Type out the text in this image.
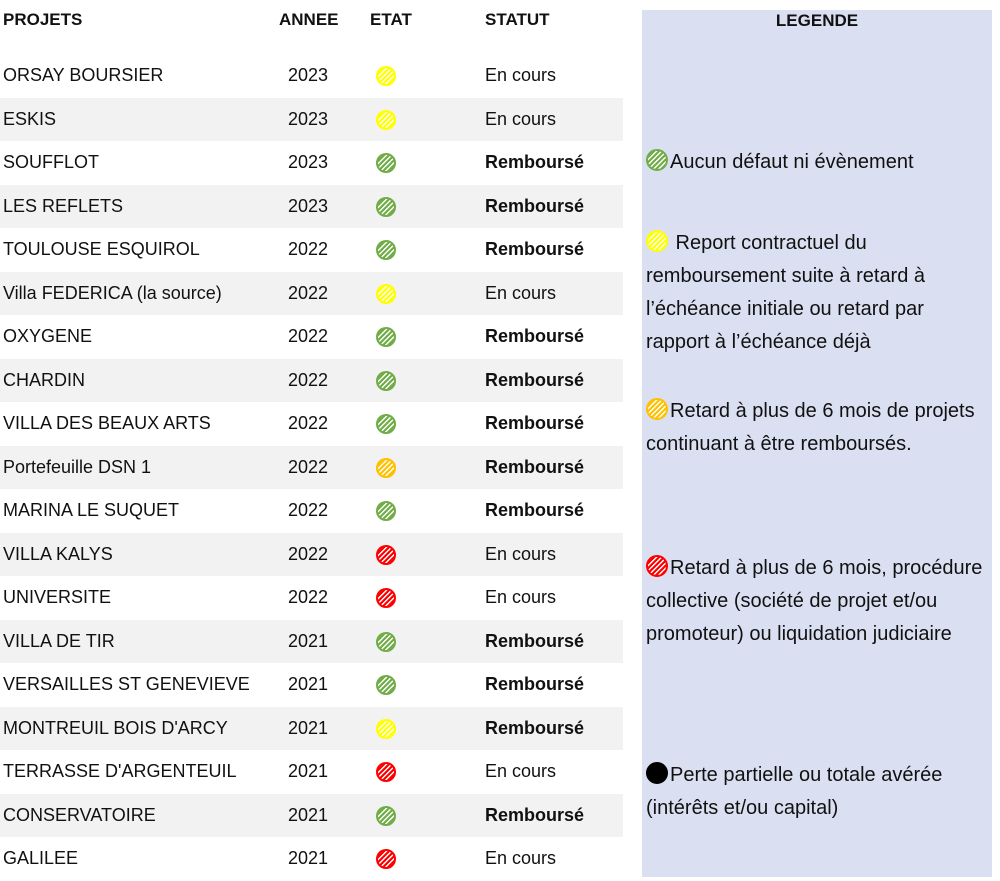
PROJETS	ANNEE ETAT	STATUT
ORSAY BOURSIER	2023	En cours
ESKIS	2023	En cours
SOUFFLOT	2023	Remboursé
LES REFLETS	2023	Remboursé
TOULOUSE ESQUIROL	2022	Remboursé
Villa FEDERICA (la source)	2022	En cours
OXYGENE	2022	Remboursé
CHARDIN	2022	Remboursé
VILLA DES BEAUX ARTS	2022	Remboursé
Portefeuille DSN 1	2022	Remboursé
MARINA LE SUQUET	2022	Remboursé
VILLA KALYS	2022	En cours
UNIVERSITE	2022	En cours
VILLA DE TIR	2021	Remboursé
VERSAILLES ST GENEVIEVE 2021	Remboursé
MONTREUIL BOIS D'ARCY	2021	Remboursé
TERRASSE D'ARGENTEUIL	2021	En cours
CONSERVATOIRE	2021	Remboursé
GALILEE	2021	En cours
LEGENDE
Aucun défaut ni évènement
Report contractuel du remboursement suite à retard à l’échéance initiale ou retard par rapport à l’échéance déjà
Retard à plus de 6 mois de projets continuant à être remboursés.
Retard à plus de 6 mois, procédure collective (société de projet et/ou promoteur) ou liquidation judiciaire
Perte partielle ou totale avérée (intérêts et/ou capital)
